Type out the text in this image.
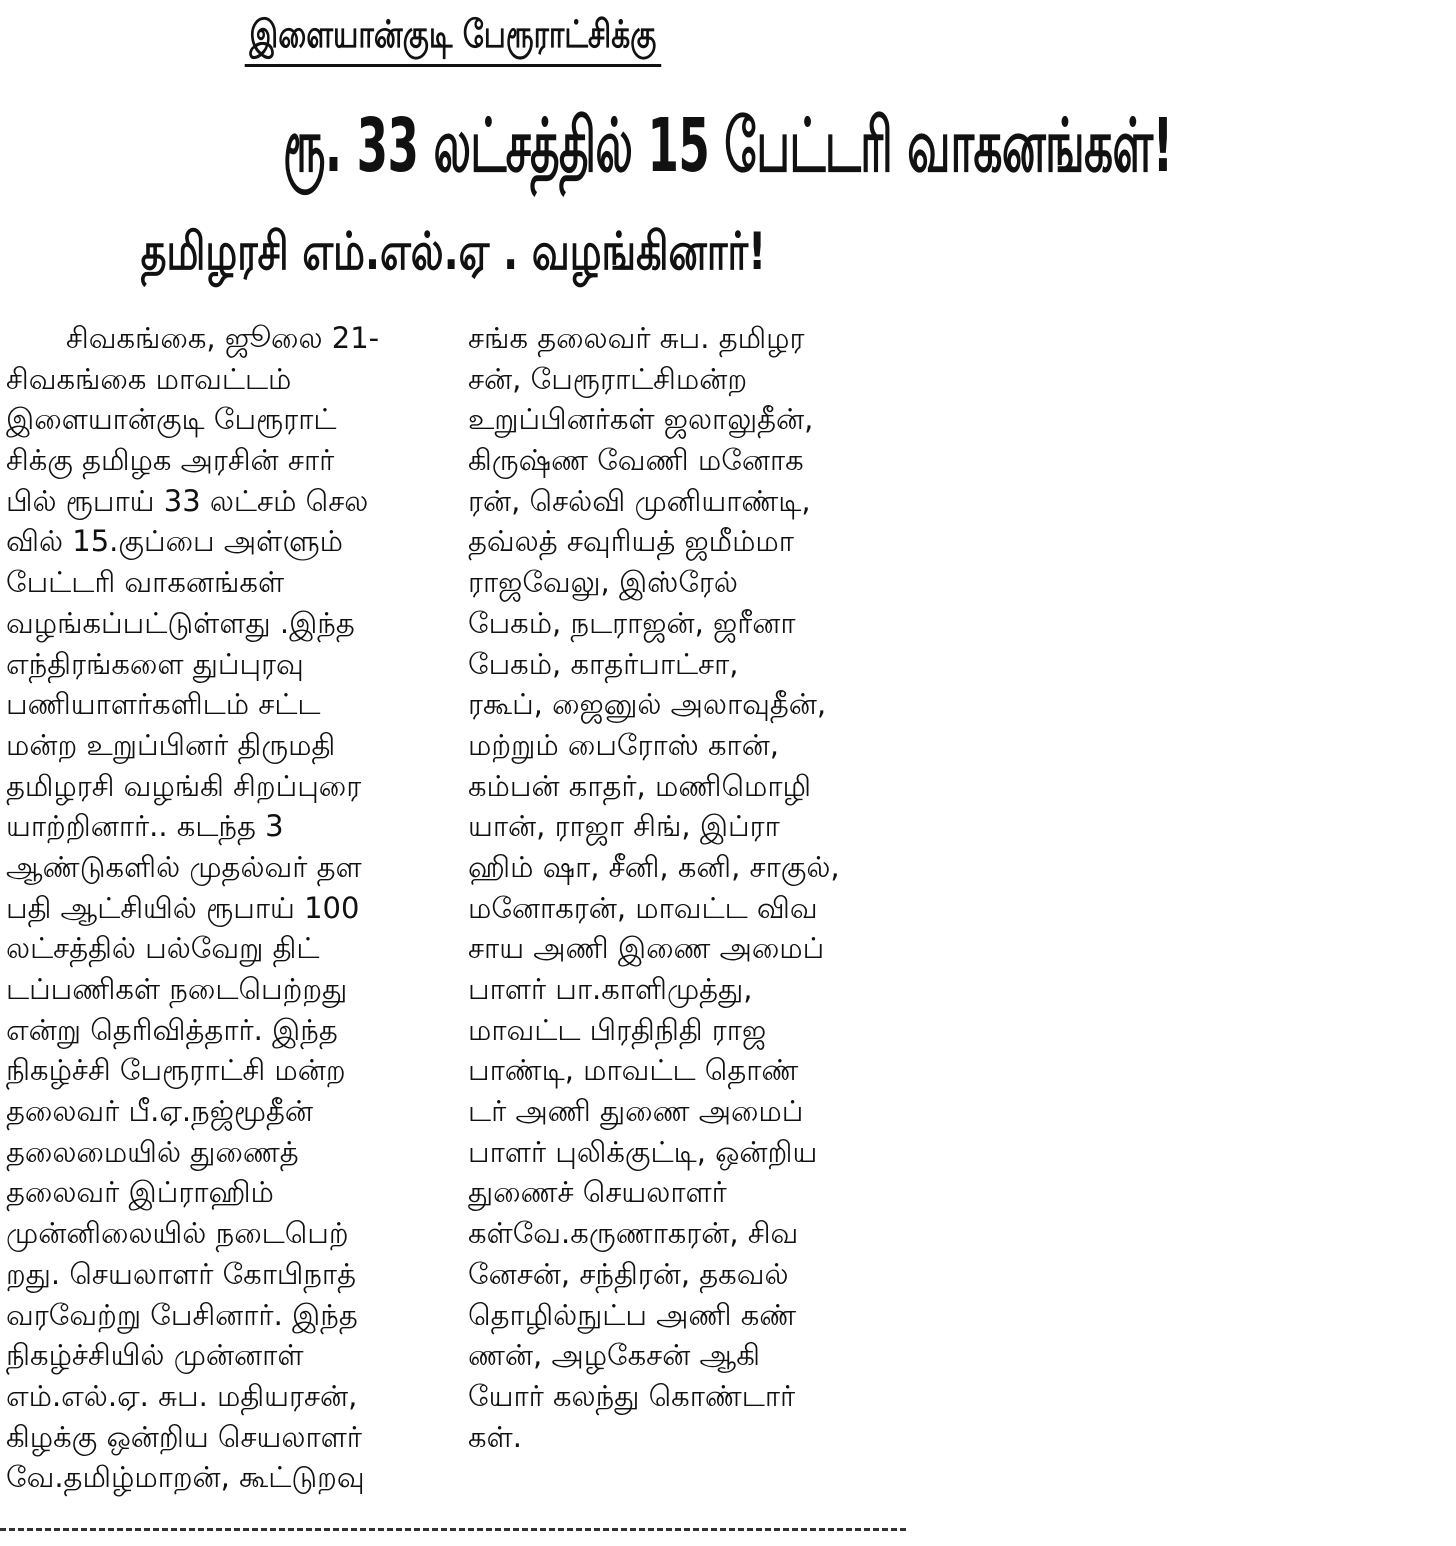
இளையான்குடி பேரூராட்சிக்கு
ரூ. 33 லட்சத்தில் 15 பேட்டரி வாகனங்கள்!
தமிழரசி எம்.எல்.ஏ . வழங்கினார்!
சிவகங்கை, ஜூலை 21-
சிவகங்கை மாவட்டம்
இளையான்குடி பேரூராட்
சிக்கு தமிழக அரசின் சார்
பில் ரூபாய் 33 லட்சம் செல
வில் 15.குப்பை அள்ளும்
பேட்டரி வாகனங்கள்
வழங்கப்பட்டுள்ளது .இந்த
எந்திரங்களை துப்புரவு
பணியாளர்களிடம் சட்ட
மன்ற உறுப்பினர் திருமதி
தமிழரசி வழங்கி சிறப்புரை
யாற்றினார்.. கடந்த 3
ஆண்டுகளில் முதல்வர் தள
பதி ஆட்சியில் ரூபாய் 100
லட்சத்தில் பல்வேறு திட்
டப்பணிகள் நடைபெற்றது
என்று தெரிவித்தார். இந்த
நிகழ்ச்சி பேரூராட்சி மன்ற
தலைவர் பீ.ஏ.நஜ்மூதீன்
தலைமையில் துணைத்
தலைவர் இப்ராஹிம்
முன்னிலையில் நடைபெற்
றது. செயலாளர் கோபிநாத்
வரவேற்று பேசினார். இந்த
நிகழ்ச்சியில் முன்னாள்
எம்.எல்.ஏ. சுப. மதியரசன்,
கிழக்கு ஒன்றிய செயலாளர்
வே.தமிழ்மாறன், கூட்டுறவு
சங்க தலைவர் சுப. தமிழர
சன், பேரூராட்சிமன்ற
உறுப்பினர்கள் ஜலாலுதீன்,
கிருஷ்ண வேணி மனோக
ரன், செல்வி முனியாண்டி,
தவ்லத் சவுரியத் ஜமீம்மா
ராஜவேலு, இஸ்ரேல்
பேகம், நடராஜன், ஜரீனா
பேகம், காதர்பாட்சா,
ரகூப், ஜைனுல் அலாவுதீன்,
மற்றும் பைரோஸ் கான்,
கம்பன் காதர், மணிமொழி
யான், ராஜா சிங், இப்ரா
ஹிம் ஷா, சீனி, கனி, சாகுல்,
மனோகரன், மாவட்ட விவ
சாய அணி இணை அமைப்
பாளர் பா.காளிமுத்து,
மாவட்ட பிரதிநிதி ராஜ
பாண்டி, மாவட்ட தொண்
டர் அணி துணை அமைப்
பாளர் புலிக்குட்டி, ஒன்றிய
துணைச் செயலாளர்
கள்வே.கருணாகரன், சிவ
னேசன், சந்திரன், தகவல்
தொழில்நுட்ப அணி கண்
ணன், அழகேசன் ஆகி
யோர் கலந்து கொண்டார்
கள்.
